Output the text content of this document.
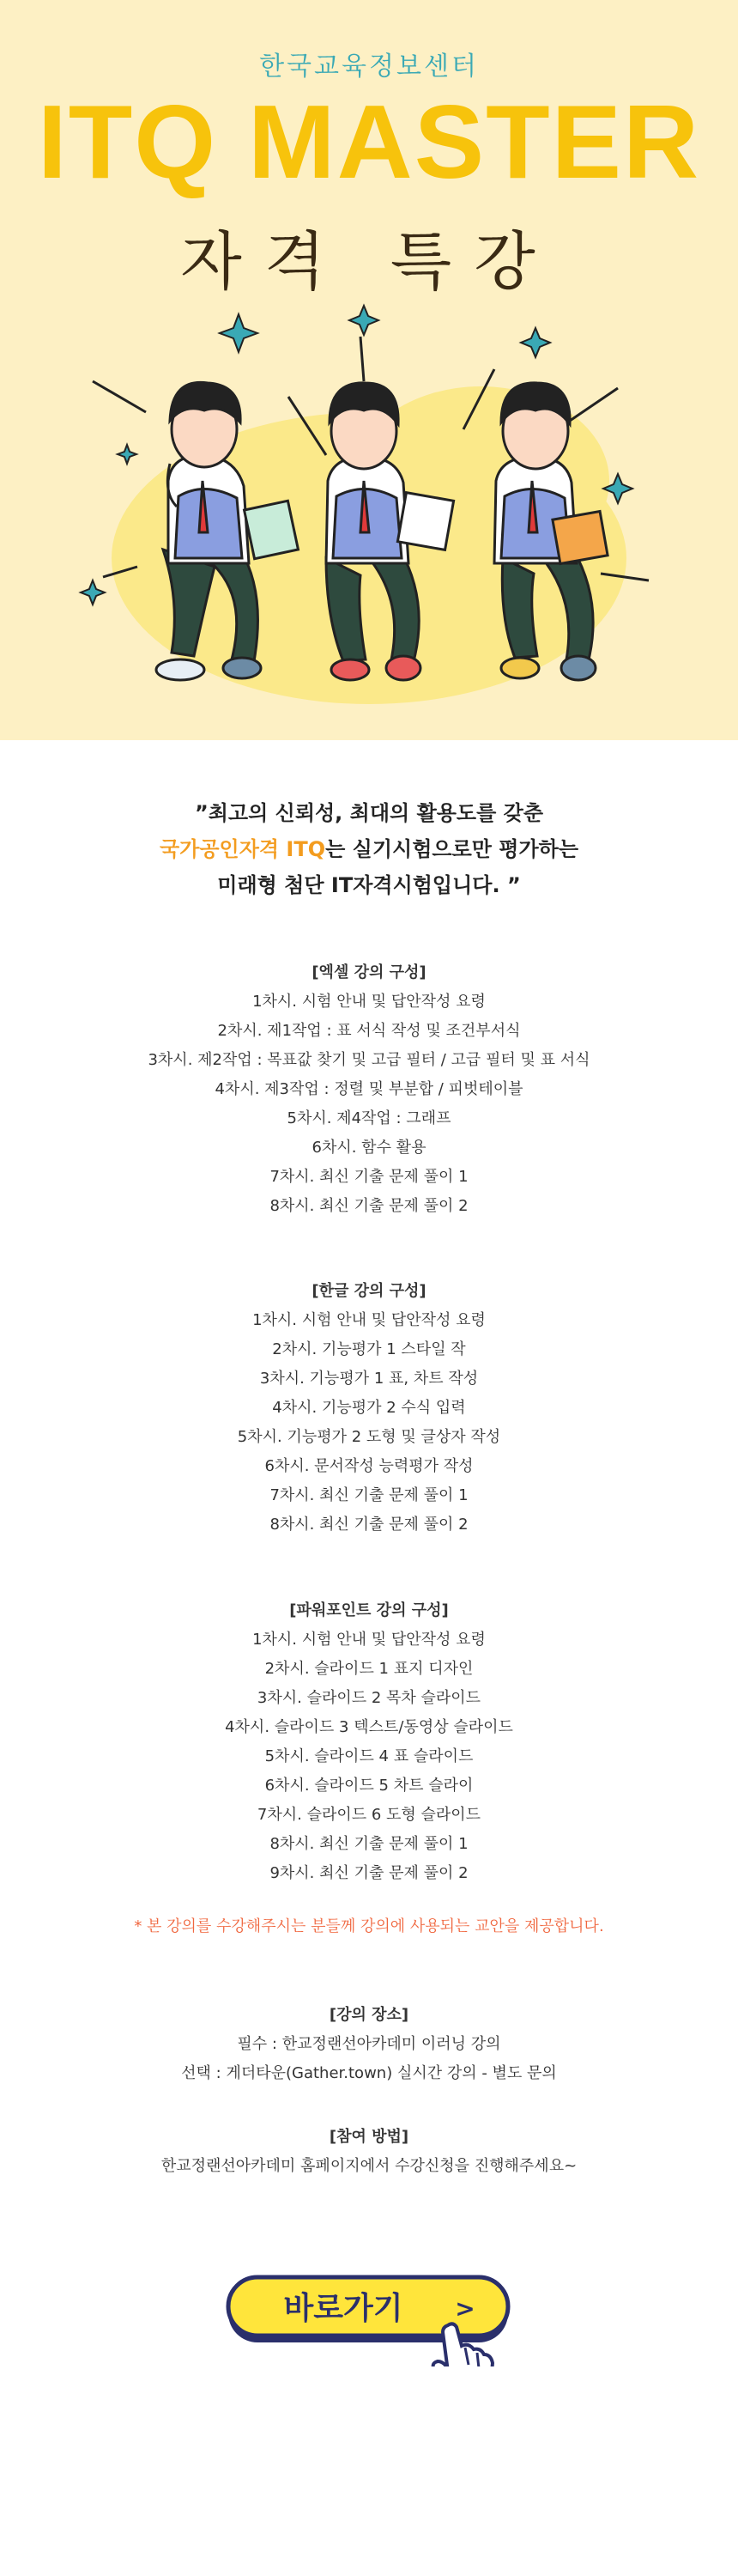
한국교육정보센터
ITQ MASTER
자격 특강
”최고의 신뢰성, 최대의 활용도를 갖춘
국가공인자격 ITQ는 실기시험으로만 평가하는
미래형 첨단 IT자격시험입니다. ”
[엑셀 강의 구성]
1차시. 시험 안내 및 답안작성 요령
2차시. 제1작업 : 표 서식 작성 및 조건부서식
3차시. 제2작업 : 목표값 찾기 및 고급 필터 / 고급 필터 및 표 서식
4차시. 제3작업 : 정렬 및 부분합 / 피벗테이블
5차시. 제4작업 : 그래프
6차시. 함수 활용
7차시. 최신 기출 문제 풀이 1
8차시. 최신 기출 문제 풀이 2
[한글 강의 구성]
1차시. 시험 안내 및 답안작성 요령
2차시. 기능평가 1 스타일 작
3차시. 기능평가 1 표, 차트 작성
4차시. 기능평가 2 수식 입력
5차시. 기능평가 2 도형 및 글상자 작성
6차시. 문서작성 능력평가 작성
7차시. 최신 기출 문제 풀이 1
8차시. 최신 기출 문제 풀이 2
[파워포인트 강의 구성]
1차시. 시험 안내 및 답안작성 요령
2차시. 슬라이드 1 표지 디자인
3차시. 슬라이드 2 목차 슬라이드
4차시. 슬라이드 3 텍스트/동영상 슬라이드
5차시. 슬라이드 4 표 슬라이드
6차시. 슬라이드 5 차트 슬라이
7차시. 슬라이드 6 도형 슬라이드
8차시. 최신 기출 문제 풀이 1
9차시. 최신 기출 문제 풀이 2
* 본 강의를 수강해주시는 분들께 강의에 사용되는 교안을 제공합니다.
[강의 장소]
필수 : 한교정랜선아카데미 이러닝 강의
선택 : 게더타운(Gather.town) 실시간 강의 - 별도 문의
[참여 방법]
한교정랜선아카데미 홈페이지에서 수강신청을 진행해주세요~
바로가기 >
